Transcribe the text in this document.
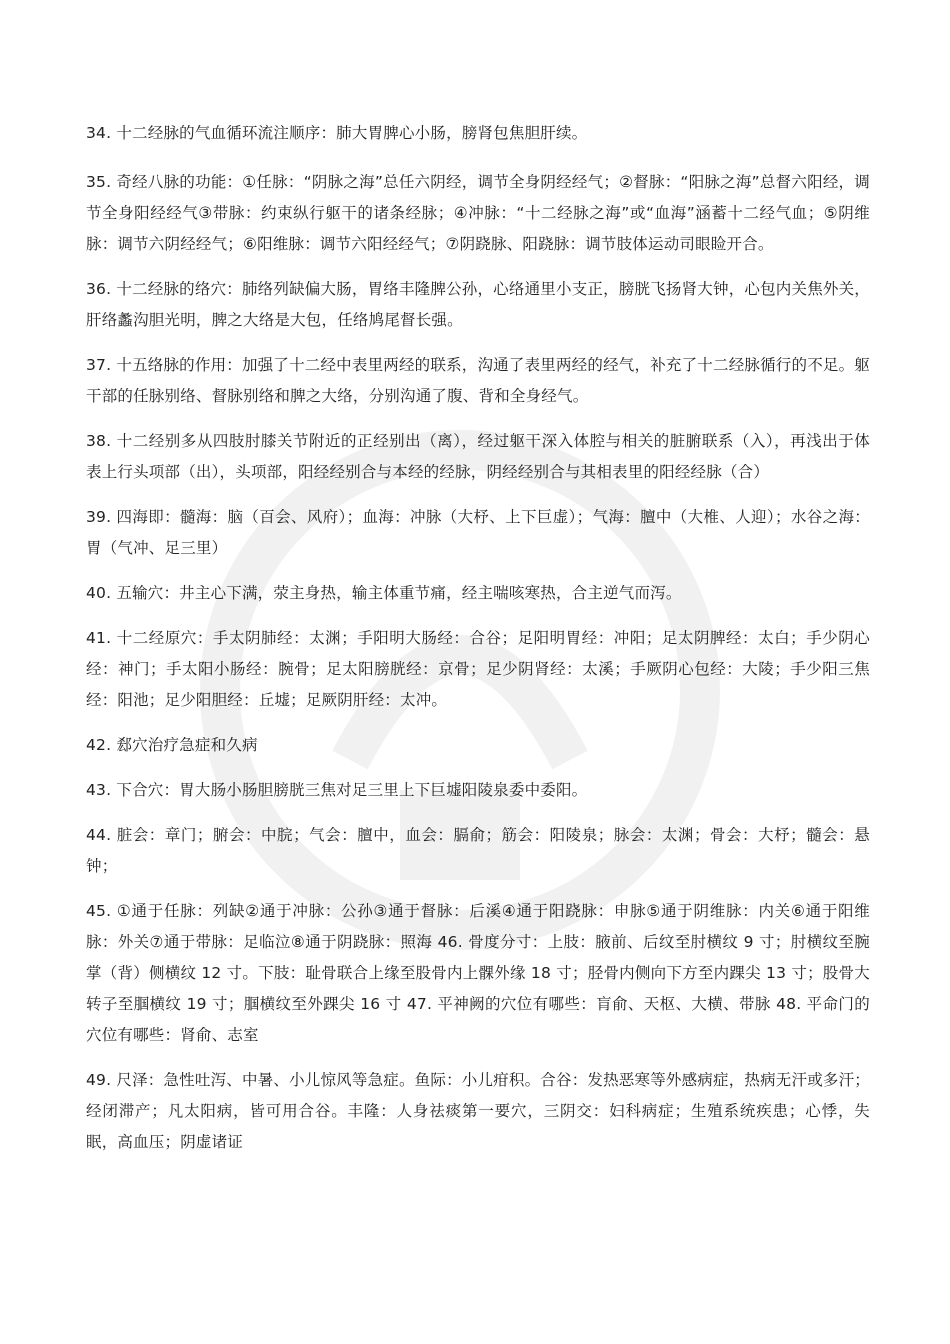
34. 十二经脉的气血循环流注顺序：肺大胃脾心小肠，膀肾包焦胆肝续。

35. 奇经八脉的功能：①任脉：“阴脉之海”总任六阴经，调节全身阴经经气；②督脉：“阳脉之海”总督六阳经，调节全身阳经经气③带脉：约束纵行躯干的诸条经脉；④冲脉：“十二经脉之海”或“血海”涵蓄十二经气血；⑤阴维脉：调节六阴经经气；⑥阳维脉：调节六阳经经气；⑦阴跷脉、阳跷脉：调节肢体运动司眼睑开合。

36. 十二经脉的络穴：肺络列缺偏大肠，胃络丰隆脾公孙，心络通里小支正，膀胱飞扬肾大钟，心包内关焦外关，肝络蠡沟胆光明，脾之大络是大包，任络鸠尾督长强。

37. 十五络脉的作用：加强了十二经中表里两经的联系，沟通了表里两经的经气，补充了十二经脉循行的不足。躯干部的任脉别络、督脉别络和脾之大络，分别沟通了腹、背和全身经气。

38. 十二经别多从四肢肘膝关节附近的正经别出（离），经过躯干深入体腔与相关的脏腑联系（入），再浅出于体表上行头项部（出），头项部，阳经经别合与本经的经脉，阴经经别合与其相表里的阳经经脉（合）

39. 四海即：髓海：脑（百会、风府）；血海：冲脉（大杼、上下巨虚）；气海：膻中（大椎、人迎）；水谷之海：胃（气冲、足三里）

40. 五输穴：井主心下满，荥主身热，输主体重节痛，经主喘咳寒热，合主逆气而泻。

41. 十二经原穴：手太阴肺经：太渊；手阳明大肠经：合谷；足阳明胃经：冲阳；足太阴脾经：太白；手少阴心经：神门；手太阳小肠经：腕骨；足太阳膀胱经：京骨；足少阴肾经：太溪；手厥阴心包经：大陵；手少阳三焦经：阳池；足少阳胆经：丘墟；足厥阴肝经：太冲。

42. 郄穴治疗急症和久病

43. 下合穴：胃大肠小肠胆膀胱三焦对足三里上下巨墟阳陵泉委中委阳。

44. 脏会：章门；腑会：中脘；气会：膻中，血会：膈俞；筋会：阳陵泉；脉会：太渊；骨会：大杼；髓会：悬钟；

45. ①通于任脉：列缺②通于冲脉：公孙③通于督脉：后溪④通于阳跷脉：申脉⑤通于阴维脉：内关⑥通于阳维脉：外关⑦通于带脉：足临泣⑧通于阴跷脉：照海 46. 骨度分寸：上肢：腋前、后纹至肘横纹 9 寸；肘横纹至腕掌（背）侧横纹 12 寸。下肢：耻骨联合上缘至股骨内上髁外缘 18 寸；胫骨内侧向下方至内踝尖 13 寸；股骨大转子至腘横纹 19 寸；腘横纹至外踝尖 16 寸 47. 平神阙的穴位有哪些：肓俞、天枢、大横、带脉 48. 平命门的穴位有哪些：肾俞、志室

49. 尺泽：急性吐泻、中暑、小儿惊风等急症。鱼际：小儿疳积。合谷：发热恶寒等外感病症，热病无汗或多汗；经闭滞产；凡太阳病，皆可用合谷。丰隆：人身祛痰第一要穴，三阴交：妇科病症；生殖系统疾患；心悸，失眠，高血压；阴虚诸证
